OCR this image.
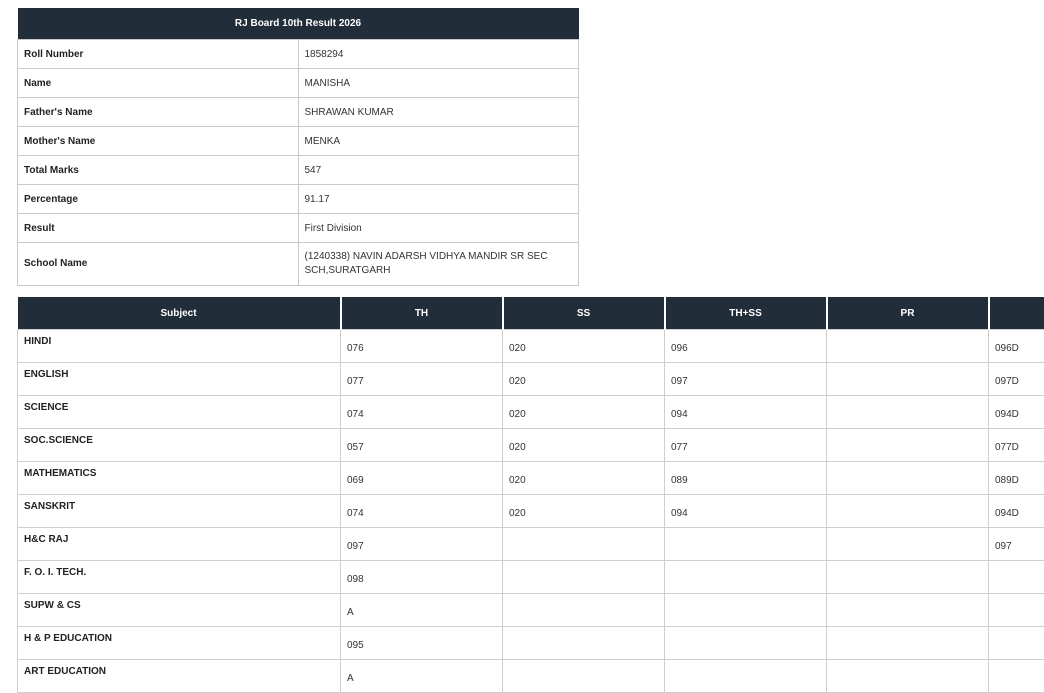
RJ Board 10th Result 2026	
Roll Number	1858294
Name	MANISHA
Father's Name	SHRAWAN KUMAR
Mother's Name	MENKA
Total Marks	547
Percentage	91.17
Result	First Division
School Name	(1240338) NAVIN ADARSH VIDHYA MANDIR SR SEC SCH,SURATGARH
Subject	TH	SS	TH+SS	PR	
HINDI	076	020	096		096D
ENGLISH	077	020	097		097D
SCIENCE	074	020	094		094D
SOC.SCIENCE	057	020	077		077D
MATHEMATICS	069	020	089		089D
SANSKRIT	074	020	094		094D
H&C RAJ	097				097
F. O. I. TECH.	098				
SUPW & CS	A				
H & P EDUCATION	095				
ART EDUCATION	A				
